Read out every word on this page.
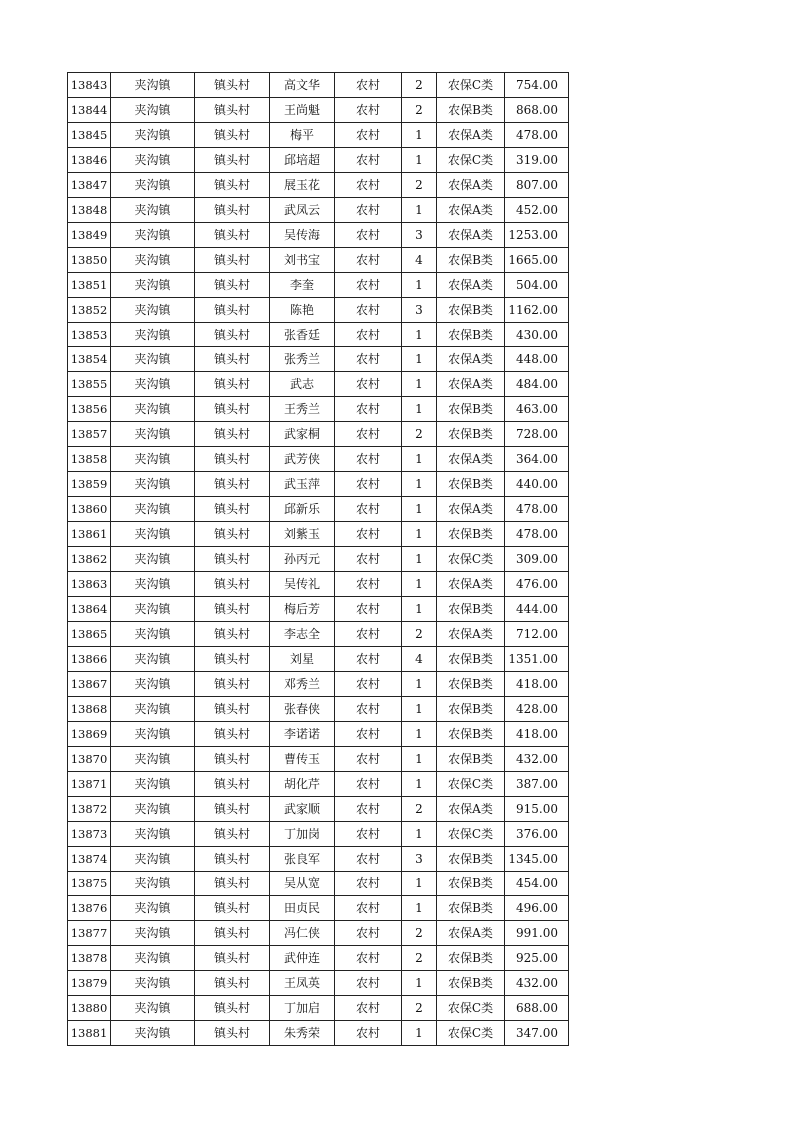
13843	夹沟镇	镇头村	高文华	农村	2	农保C类	754.00
13844	夹沟镇	镇头村	王尚魁	农村	2	农保B类	868.00
13845	夹沟镇	镇头村	梅平	农村	1	农保A类	478.00
13846	夹沟镇	镇头村	邱培超	农村	1	农保C类	319.00
13847	夹沟镇	镇头村	展玉花	农村	2	农保A类	807.00
13848	夹沟镇	镇头村	武凤云	农村	1	农保A类	452.00
13849	夹沟镇	镇头村	吴传海	农村	3	农保A类	1253.00
13850	夹沟镇	镇头村	刘书宝	农村	4	农保B类	1665.00
13851	夹沟镇	镇头村	李奎	农村	1	农保A类	504.00
13852	夹沟镇	镇头村	陈艳	农村	3	农保B类	1162.00
13853	夹沟镇	镇头村	张香廷	农村	1	农保B类	430.00
13854	夹沟镇	镇头村	张秀兰	农村	1	农保A类	448.00
13855	夹沟镇	镇头村	武志	农村	1	农保A类	484.00
13856	夹沟镇	镇头村	王秀兰	农村	1	农保B类	463.00
13857	夹沟镇	镇头村	武家桐	农村	2	农保B类	728.00
13858	夹沟镇	镇头村	武芳侠	农村	1	农保A类	364.00
13859	夹沟镇	镇头村	武玉萍	农村	1	农保B类	440.00
13860	夹沟镇	镇头村	邱新乐	农村	1	农保A类	478.00
13861	夹沟镇	镇头村	刘紫玉	农村	1	农保B类	478.00
13862	夹沟镇	镇头村	孙丙元	农村	1	农保C类	309.00
13863	夹沟镇	镇头村	吴传礼	农村	1	农保A类	476.00
13864	夹沟镇	镇头村	梅后芳	农村	1	农保B类	444.00
13865	夹沟镇	镇头村	李志全	农村	2	农保A类	712.00
13866	夹沟镇	镇头村	刘星	农村	4	农保B类	1351.00
13867	夹沟镇	镇头村	邓秀兰	农村	1	农保B类	418.00
13868	夹沟镇	镇头村	张春侠	农村	1	农保B类	428.00
13869	夹沟镇	镇头村	李诺诺	农村	1	农保B类	418.00
13870	夹沟镇	镇头村	曹传玉	农村	1	农保B类	432.00
13871	夹沟镇	镇头村	胡化芹	农村	1	农保C类	387.00
13872	夹沟镇	镇头村	武家顺	农村	2	农保A类	915.00
13873	夹沟镇	镇头村	丁加岗	农村	1	农保C类	376.00
13874	夹沟镇	镇头村	张良军	农村	3	农保B类	1345.00
13875	夹沟镇	镇头村	吴从宽	农村	1	农保B类	454.00
13876	夹沟镇	镇头村	田贞民	农村	1	农保B类	496.00
13877	夹沟镇	镇头村	冯仁侠	农村	2	农保A类	991.00
13878	夹沟镇	镇头村	武仲连	农村	2	农保B类	925.00
13879	夹沟镇	镇头村	王凤英	农村	1	农保B类	432.00
13880	夹沟镇	镇头村	丁加启	农村	2	农保C类	688.00
13881	夹沟镇	镇头村	朱秀荣	农村	1	农保C类	347.00
